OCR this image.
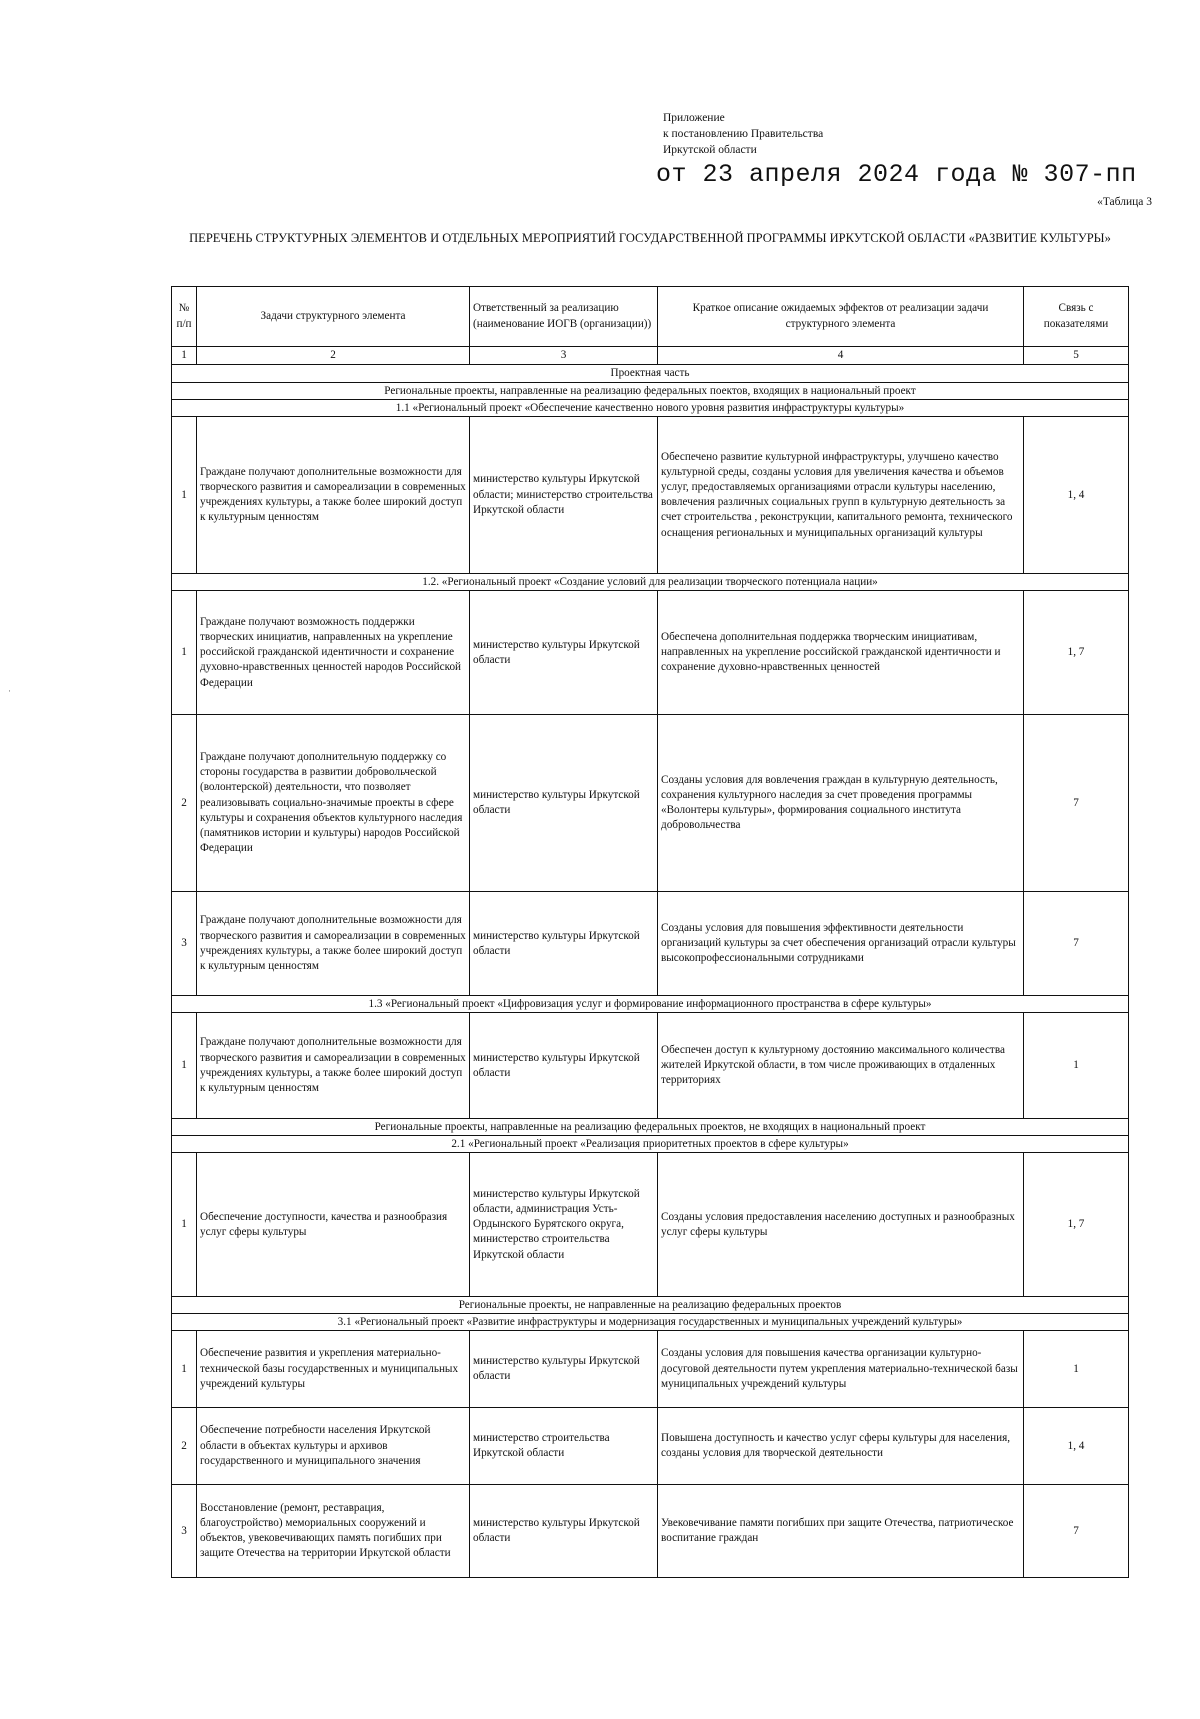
Приложение
к постановлению Правительства
Иркутской области
от 23 апреля 2024 года № 307-пп
«Таблица 3
ПЕРЕЧЕНЬ СТРУКТУРНЫХ ЭЛЕМЕНТОВ И ОТДЕЛЬНЫХ МЕРОПРИЯТИЙ ГОСУДАРСТВЕННОЙ ПРОГРАММЫ ИРКУТСКОЙ ОБЛАСТИ «РАЗВИТИЕ КУЛЬТУРЫ»
·
№ п/п	Задачи структурного элемента	Ответственный за реализацию (наименование ИОГВ (организации))	Краткое описание ожидаемых эффектов от реализации задачи структурного элемента	Связь с показателями
1	2	3	4	5
Проектная часть				
Региональные проекты, направленные на реализацию федеральных поектов, входящих в национальный проект				
1.1 «Региональный проект «Обеспечение качественно нового уровня развития инфраструктуры культуры»				
1	Граждане получают дополнительные возможности для творческого развития и самореализации в современных учреждениях культуры, а также более широкий доступ к культурным ценностям	министерство культуры Иркутской области; министерство строительства Иркутской области	Обеспечено развитие культурной инфраструктуры, улучшено качество культурной среды, созданы условия для увеличения качества и объемов услуг, предоставляемых организациями отрасли культуры населению, вовлечения различных социальных групп в культурную деятельность за счет строительства , реконструкции, капитального ремонта, технического оснащения региональных и муниципальных организаций культуры	1, 4
1.2. «Региональный проект «Создание условий для реализации творческого потенциала нации»				
1	Граждане получают возможность поддержки творческих инициатив, направленных на укрепление российской гражданской идентичности и сохранение духовно-нравственных ценностей народов Российской Федерации	министерство культуры Иркутской области	Обеспечена дополнительная поддержка творческим инициативам, направленных на укрепление российской гражданской идентичности и сохранение духовно-нравственных ценностей	1, 7
2	Граждане получают дополнительную поддержку со стороны государства в развитии добровольческой (волонтерской) деятельности, что позволяет реализовывать социально-значимые проекты в сфере культуры и сохранения объектов культурного наследия (памятников истории и культуры) народов Российской Федерации	министерство культуры Иркутской области	Созданы условия для вовлечения граждан в культурную деятельность, сохранения культурного наследия за счет проведения программы «Волонтеры культуры», формирования социального института добровольчества	7
3	Граждане получают дополнительные возможности для творческого развития и самореализации в современных учреждениях культуры, а также более широкий доступ к культурным ценностям	министерство культуры Иркутской области	Созданы условия для повышения эффективности деятельности организаций культуры за счет обеспечения организаций отрасли культуры высокопрофессиональными сотрудниками	7
1.3 «Региональный проект «Цифровизация услуг и формирование информационного пространства в сфере культуры»				
1	Граждане получают дополнительные возможности для творческого развития и самореализации в современных учреждениях культуры, а также более широкий доступ к культурным ценностям	министерство культуры Иркутской области	Обеспечен доступ к культурному достоянию максимального количества жителей Иркутской области, в том числе проживающих в отдаленных территориях	1
Региональные проекты, направленные на реализацию федеральных проектов, не входящих в национальный проект				
2.1 «Региональный проект «Реализация приоритетных проектов в сфере культуры»				
1	Обеспечение доступности, качества и разнообразия услуг сферы культуры	министерство культуры Иркутской области, администрация Усть-Ордынского Бурятского округа, министерство строительства Иркутской области	Созданы условия предоставления населению доступных и разнообразных услуг сферы культуры	1, 7
Региональные проекты, не направленные на реализацию федеральных проектов				
3.1 «Региональный проект «Развитие инфраструктуры и модернизация государственных и муниципальных учреждений культуры»				
1	Обеспечение развития и укрепления материально-технической базы государственных и муниципальных учреждений культуры	министерство культуры Иркутской области	Созданы условия для повышения качества организации культурно-досуговой деятельности путем укрепления материально-технической базы муниципальных учреждений культуры	1
2	Обеспечение потребности населения Иркутской области в объектах культуры и архивов государственного и муниципального значения	министерство строительства Иркутской области	Повышена доступность и качество услуг сферы культуры для населения, созданы условия для творческой деятельности	1, 4
3	Восстановление (ремонт, реставрация, благоустройство) мемориальных сооружений и объектов, увековечивающих память погибших при защите Отечества на территории Иркутской области	министерство культуры Иркутской области	Увековечивание памяти погибших при защите Отечества, патриотическое воспитание граждан	7
